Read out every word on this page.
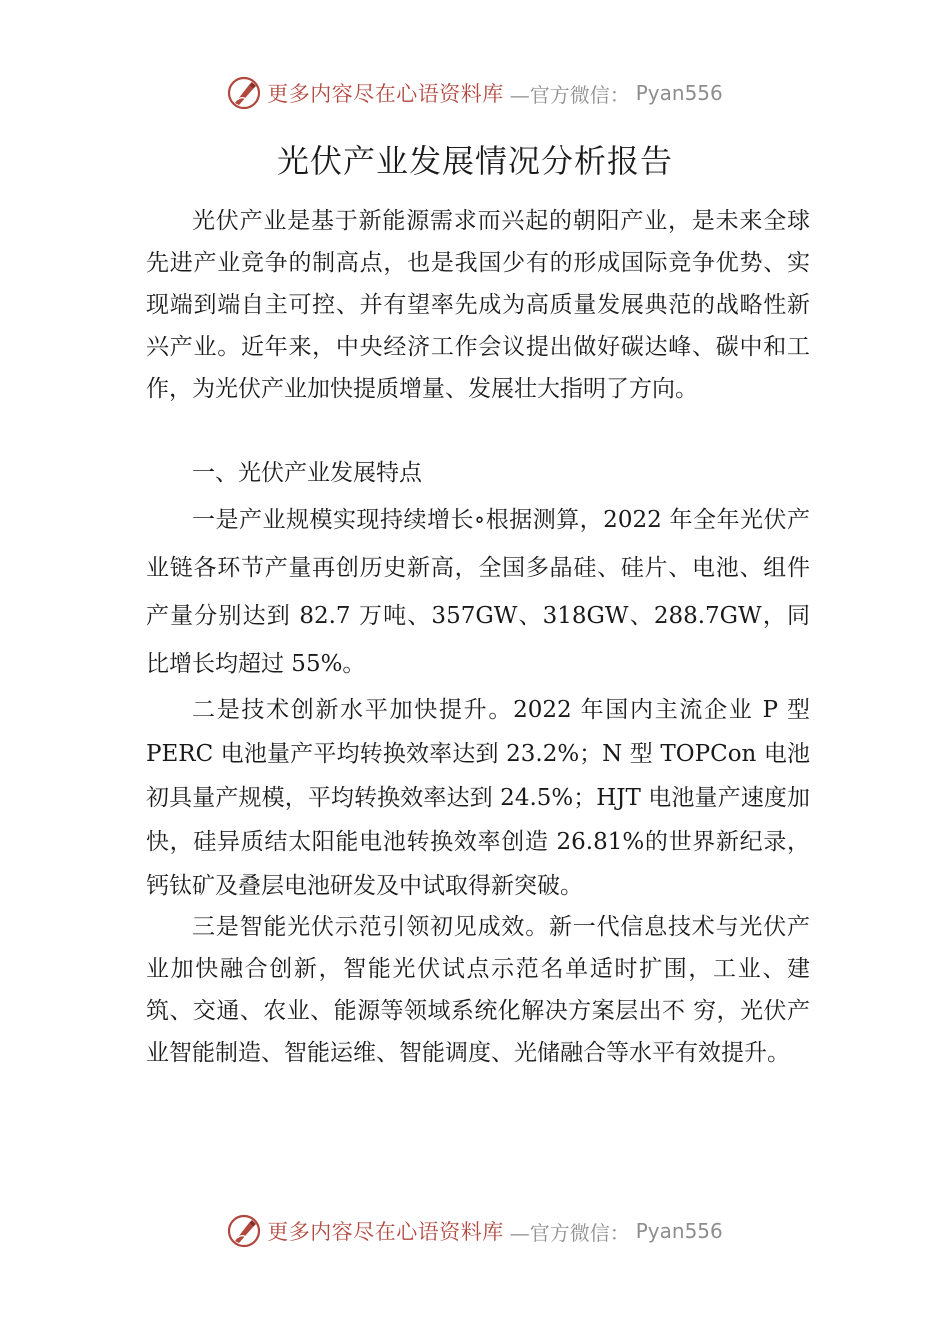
更多内容尽在心语资料库 —官方微信： Pyan556
光伏产业发展情况分析报告

光伏产业是基于新能源需求而兴起的朝阳产业，是未来全球先进产业竞争的制高点，也是我国少有的形成国际竞争优势、实现端到端自主可控、并有望率先成为高质量发展典范的战略性新兴产业。近年来，中央经济工作会议提出做好碳达峰、碳中和工作，为光伏产业加快提质增量、发展壮大指明了方向。

一、光伏产业发展特点

一是产业规模实现持续增长∘根据测算，2022 年全年光伏产业链各环节产量再创历史新高，全国多晶硅、硅片、电池、组件产量分别达到 82.7 万吨、357GW、318GW、288.7GW，同比增长均超过 55%。

二是技术创新水平加快提升。2022 年国内主流企业 P 型 PERC 电池量产平均转换效率达到 23.2%；N 型 TOPCon 电池初具量产规模，平均转换效率达到 24.5%；HJT 电池量产速度加快，硅异质结太阳能电池转换效率创造 26.81%的世界新纪录，钙钛矿及叠层电池研发及中试取得新突破。

三是智能光伏示范引领初见成效。新一代信息技术与光伏产业加快融合创新，智能光伏试点示范名单适时扩围，工业、建筑、交通、农业、能源等领域系统化解决方案层出不 穷，光伏产业智能制造、智能运维、智能调度、光储融合等水平有效提升。

更多内容尽在心语资料库 —官方微信： Pyan556
